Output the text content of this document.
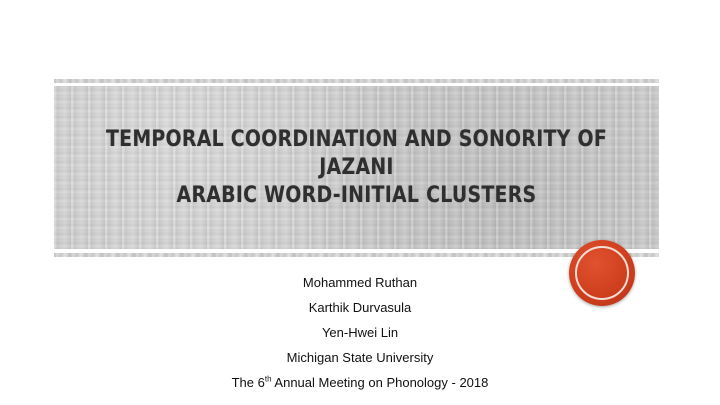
TEMPORAL COORDINATION AND SONORITY OF JAZANI
ARABIC WORD-INITIAL CLUSTERS
Mohammed Ruthan
Karthik Durvasula
Yen-Hwei Lin
Michigan State University
The 6th Annual Meeting on Phonology - 2018
